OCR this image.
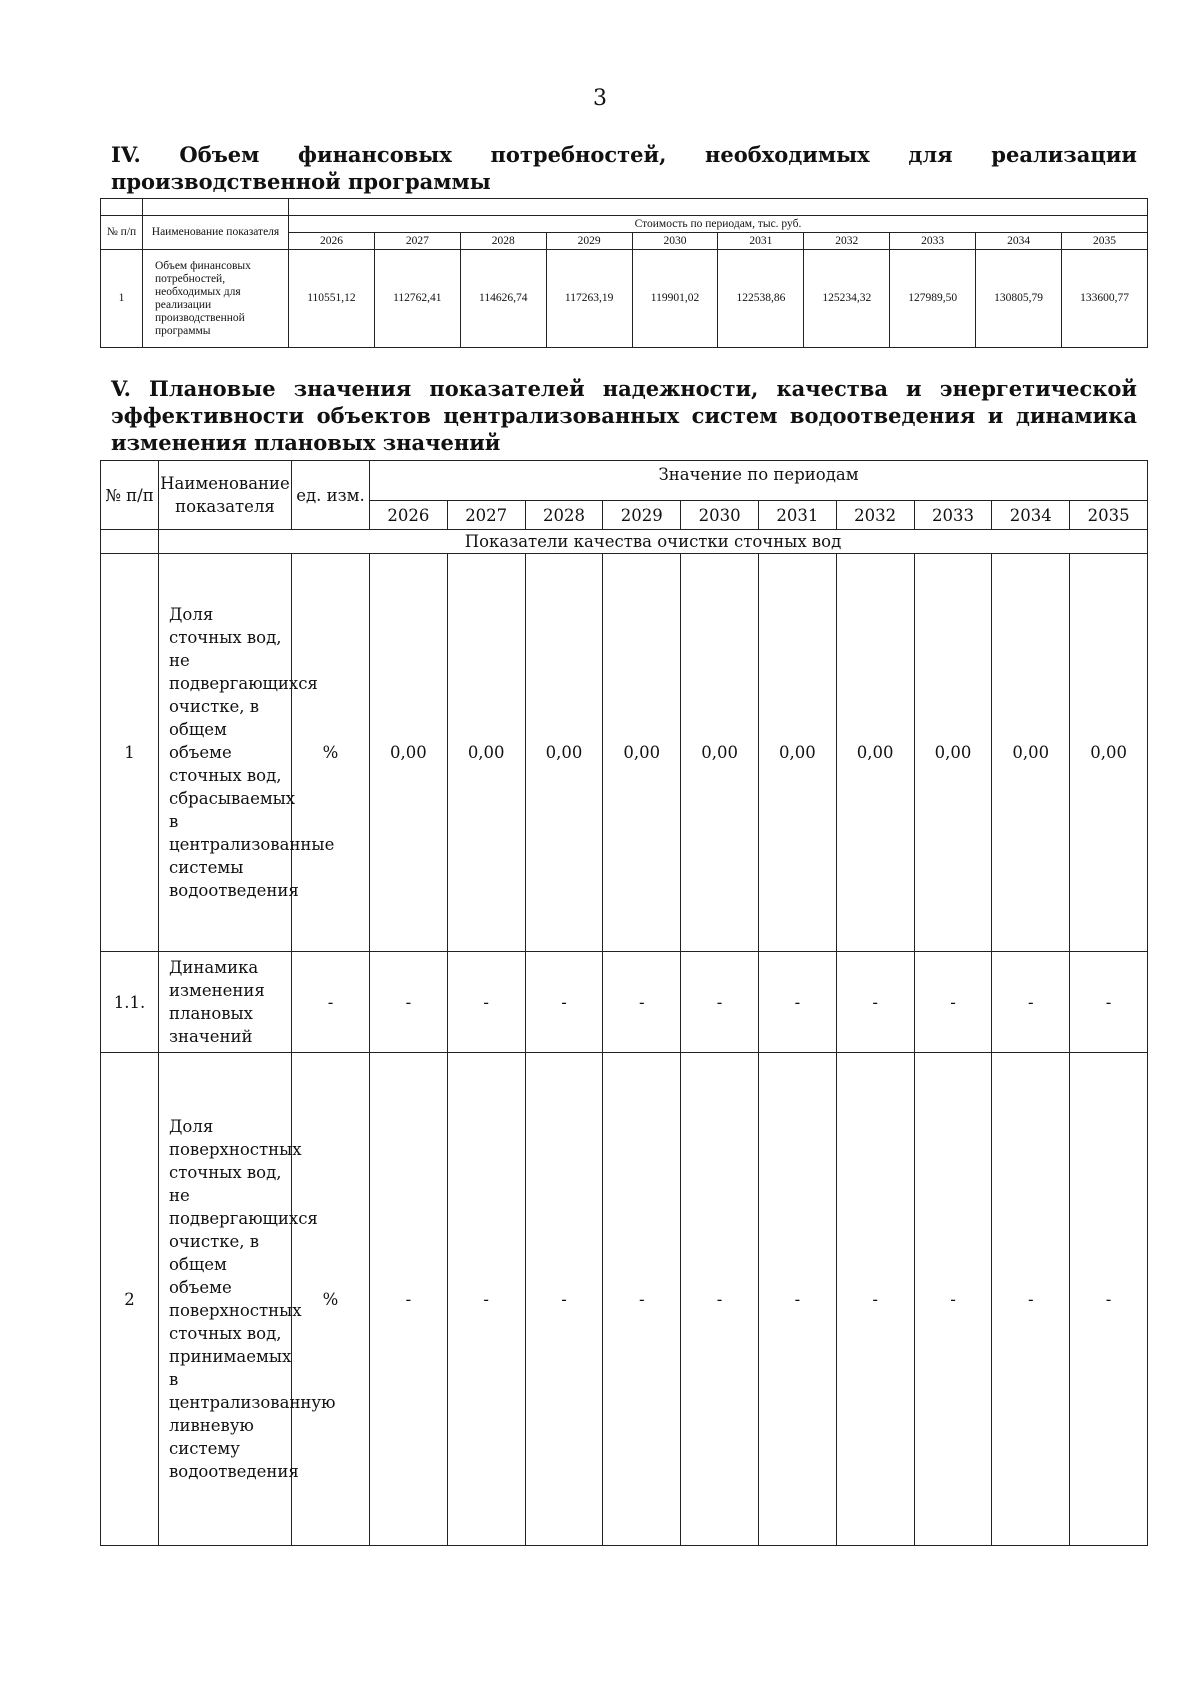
3
IV. Объем финансовых потребностей, необходимых для реализации производственной программы

№ п/п	Наименование показателя	Стоимость по периодам, тыс. руб.									
		2026	2027	2028	2029	2030	2031	2032	2033	2034	2035
1	Объем финансовых потребностей, необходимых для реализации производственной программы	110551,12	112762,41	114626,74	117263,19	119901,02	122538,86	125234,32	127989,50	130805,79	133600,77
V. Плановые значения показателей надежности, качества и энергетической эффективности объектов централизованных систем водоотведения и динамика изменения плановых значений
№ п/п	Наименование показателя	ед. изм.	Значение по периодам									
			2026	2027	2028	2029	2030	2031	2032	2033	2034	2035
	Показатели качества очистки сточных вод											
1	Доля сточных вод, не подвергающихся очистке, в общем объеме сточных вод, сбрасываемых в централизованные системы водоотведения	%	0,00	0,00	0,00	0,00	0,00	0,00	0,00	0,00	0,00	0,00
1.1.	Динамика изменения плановых значений	-	-	-	-	-	-	-	-	-	-	-
2	Доля поверхностных сточных вод, не подвергающихся очистке, в общем объеме поверхностных сточных вод, принимаемых в централизованную ливневую систему водоотведения	%	-	-	-	-	-	-	-	-	-	-
